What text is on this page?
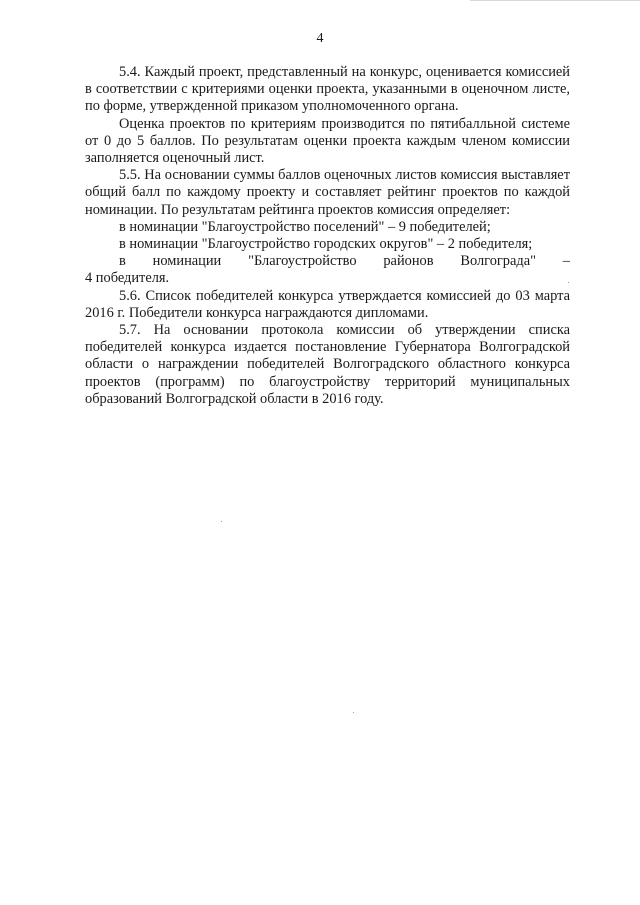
4

5.4. Каждый проект, представленный на конкурс, оценивается комиссией в соответствии с критериями оценки проекта, указанными в оценочном листе, по форме, утвержденной приказом уполномоченного органа.

Оценка проектов по критериям производится по пятибалльной системе от 0 до 5 баллов. По результатам оценки проекта каждым членом комиссии заполняется оценочный лист.

5.5. На основании суммы баллов оценочных листов комиссия выставляет общий балл по каждому проекту и составляет рейтинг проектов по каждой номинации. По результатам рейтинга проектов комиссия определяет:

в номинации "Благоустройство поселений" – 9 победителей;

в номинации "Благоустройство городских округов" – 2 победителя;

в номинации "Благоустройство районов Волгограда" –

4 победителя.

5.6. Список победителей конкурса утверждается комиссией до 03 марта 2016 г. Победители конкурса награждаются дипломами.

5.7. На основании протокола комиссии об утверждении списка победителей конкурса издается постановление Губернатора Волгоградской области о награждении победителей Волгоградского областного конкурса проектов (программ) по благоустройству территорий муниципальных образований Волгоградской области в 2016 году.
